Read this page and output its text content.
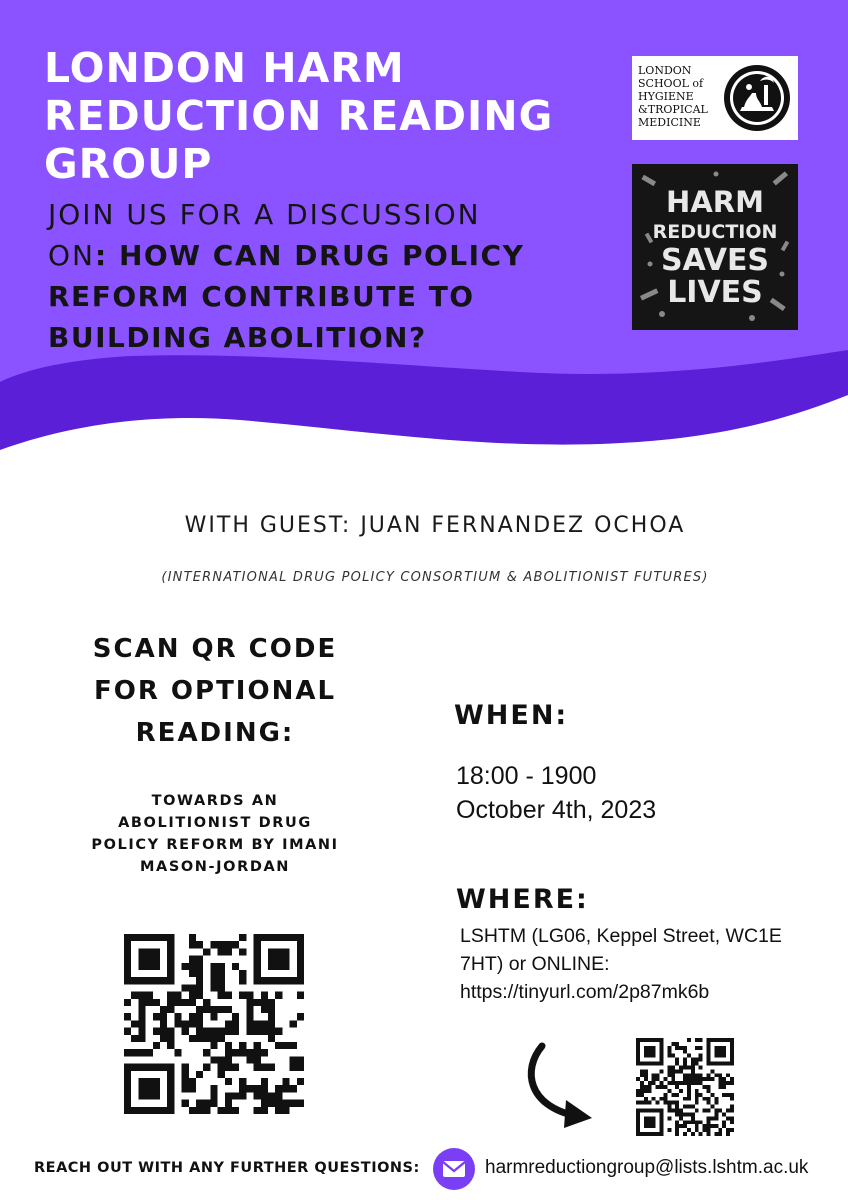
LONDON HARM
REDUCTION READING
GROUP
JOIN US FOR A DISCUSSION
ON: HOW CAN DRUG POLICY
REFORM CONTRIBUTE TO
BUILDING ABOLITION?
LONDON
SCHOOL of
HYGIENE
&TROPICAL
MEDICINE
HARM
REDUCTION
SAVES
LIVES
WITH GUEST: JUAN FERNANDEZ OCHOA
(INTERNATIONAL DRUG POLICY CONSORTIUM & ABOLITIONIST FUTURES)
SCAN QR CODE
FOR OPTIONAL
READING:
TOWARDS AN
ABOLITIONIST DRUG
POLICY REFORM BY IMANI
MASON-JORDAN
WHEN:
18:00 - 1900
October 4th, 2023
WHERE:
LSHTM (LG06, Keppel Street, WC1E
7HT) or ONLINE:
https://tinyurl.com/2p87mk6b
REACH OUT WITH ANY FURTHER QUESTIONS:	harmreductiongroup@lists.lshtm.ac.uk
